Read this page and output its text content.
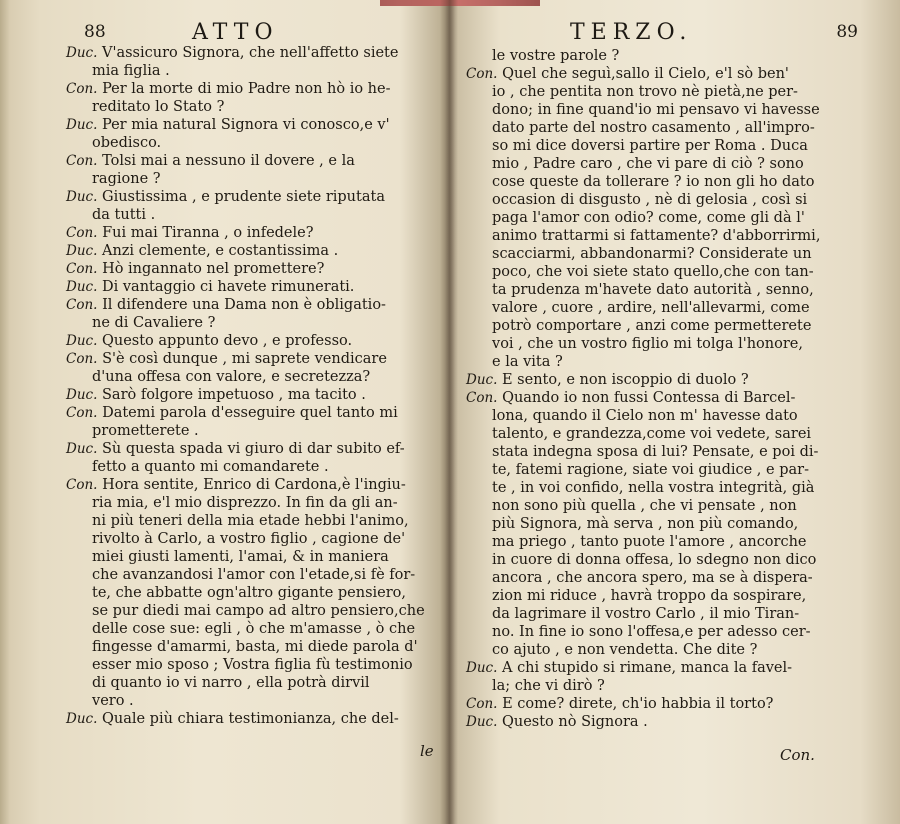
88	ATTO
Duc. V'assicuro Signora, che nell'affetto siete
mia figlia .
Con. Per la morte di mio Padre non hò io he-
reditato lo Stato ?
Duc. Per mia natural Signora vi conosco,e v'
obedisco.
Con. Tolsi mai a nessuno il dovere , e la
ragione ?
Duc. Giustissima , e prudente siete riputata
da tutti .
Con. Fui mai Tiranna , o infedele?
Duc. Anzi clemente, e costantissima .
Con. Hò ingannato nel promettere?
Duc. Di vantaggio ci havete rimunerati.
Con. Il difendere una Dama non è obligatio-
ne di Cavaliere ?
Duc. Questo appunto devo , e professo.
Con. S'è così dunque , mi saprete vendicare
d'una offesa con valore, e secretezza?
Duc. Sarò folgore impetuoso , ma tacito .
Con. Datemi parola d'esseguire quel tanto mi
prometterete .
Duc. Sù questa spada vi giuro di dar subito ef-
fetto a quanto mi comandarete .
Con. Hora sentite, Enrico di Cardona,è l'ingiu-
ria mia, e'l mio disprezzo. In fin da gli an-
ni più teneri della mia etade hebbi l'animo,
rivolto à Carlo, a vostro figlio , cagione de'
miei giusti lamenti, l'amai, & in maniera
che avanzandosi l'amor con l'etade,si fè for-
te, che abbatte ogn'altro gigante pensiero,
se pur diedi mai campo ad altro pensiero,che
delle cose sue: egli , ò che m'amasse , ò che
fingesse d'amarmi, basta, mi diede parola d'
esser mio sposo ; Vostra figlia fù testimonio
di quanto io vi narro , ella potrà dirvil
vero .
Duc. Quale più chiara testimonianza, che del-
le
TERZO.	89
le vostre parole ?
Con. Quel che seguì,sallo il Cielo, e'l sò ben'
io , che pentita non trovo nè pietà,ne per-
dono; in fine quand'io mi pensavo vi havesse
dato parte del nostro casamento , all'impro-
so mi dice doversi partire per Roma . Duca
mio , Padre caro , che vi pare di ciò ? sono
cose queste da tollerare ? io non gli ho dato
occasion di disgusto , nè di gelosia , così si
paga l'amor con odio? come, come gli dà l'
animo trattarmi si fattamente? d'abborrirmi,
scacciarmi, abbandonarmi? Considerate un
poco, che voi siete stato quello,che con tan-
ta prudenza m'havete dato autorità , senno,
valore , cuore , ardire, nell'allevarmi, come
potrò comportare , anzi come permetterete
voi , che un vostro figlio mi tolga l'honore,
e la vita ?
Duc. E sento, e non iscoppio di duolo ?
Con. Quando io non fussi Contessa di Barcel-
lona, quando il Cielo non m' havesse dato
talento, e grandezza,come voi vedete, sarei
stata indegna sposa di lui? Pensate, e poi di-
te, fatemi ragione, siate voi giudice , e par-
te , in voi confido, nella vostra integrità, già
non sono più quella , che vi pensate , non
più Signora, mà serva , non più comando,
ma priego , tanto puote l'amore , ancorche
in cuore di donna offesa, lo sdegno non dico
ancora , che ancora spero, ma se à dispera-
zion mi riduce , havrà troppo da sospirare,
da lagrimare il vostro Carlo , il mio Tiran-
no. In fine io sono l'offesa,e per adesso cer-
co ajuto , e non vendetta. Che dite ?
Duc. A chi stupido si rimane, manca la favel-
la; che vi dirò ?
Con. E come? direte, ch'io habbia il torto?
Duc. Questo nò Signora .
Con.
